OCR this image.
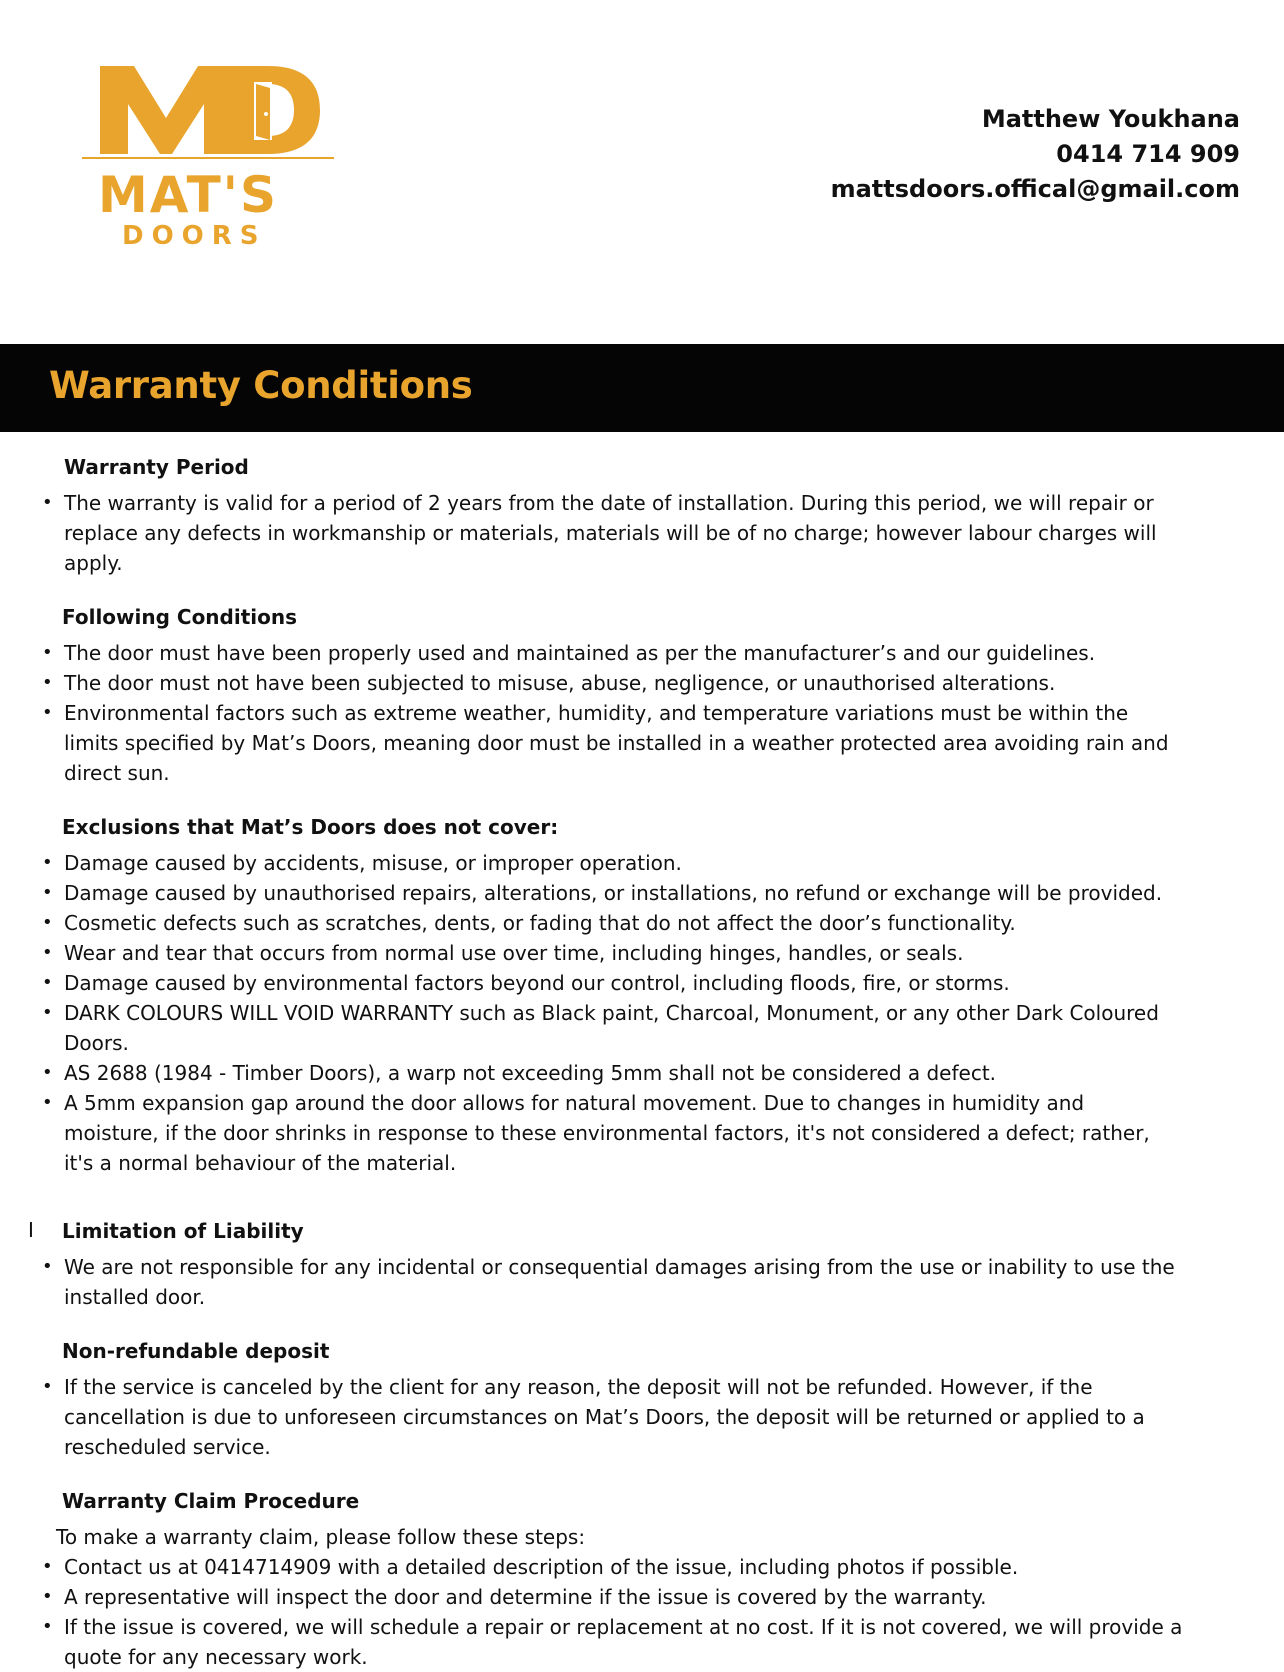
MAT'S
DOORS
Matthew Youkhana
0414 714 909
mattsdoors.offical@gmail.com
Warranty Conditions
Warranty Period
• The warranty is valid for a period of 2 years from the date of installation. During this period, we will repair or replace any defects in workmanship or materials, materials will be of no charge; however labour charges will apply.
Following Conditions
• The door must have been properly used and maintained as per the manufacturer’s and our guidelines.
• The door must not have been subjected to misuse, abuse, negligence, or unauthorised alterations.
• Environmental factors such as extreme weather, humidity, and temperature variations must be within the limits specified by Mat’s Doors, meaning door must be installed in a weather protected area avoiding rain and direct sun.
Exclusions that Mat’s Doors does not cover:
• Damage caused by accidents, misuse, or improper operation.
• Damage caused by unauthorised repairs, alterations, or installations, no refund or exchange will be provided.
• Cosmetic defects such as scratches, dents, or fading that do not affect the door’s functionality.
• Wear and tear that occurs from normal use over time, including hinges, handles, or seals.
• Damage caused by environmental factors beyond our control, including floods, fire, or storms.
• DARK COLOURS WILL VOID WARRANTY such as Black paint, Charcoal, Monument, or any other Dark Coloured Doors.
• AS 2688 (1984 - Timber Doors), a warp not exceeding 5mm shall not be considered a defect.
• A 5mm expansion gap around the door allows for natural movement. Due to changes in humidity and moisture, if the door shrinks in response to these environmental factors, it's not considered a defect; rather, it's a normal behaviour of the material.
I Limitation of Liability
• We are not responsible for any incidental or consequential damages arising from the use or inability to use the installed door.
Non-refundable deposit
• If the service is canceled by the client for any reason, the deposit will not be refunded. However, if the cancellation is due to unforeseen circumstances on Mat’s Doors, the deposit will be returned or applied to a rescheduled service.
Warranty Claim Procedure
To make a warranty claim, please follow these steps:
• Contact us at 0414714909 with a detailed description of the issue, including photos if possible.
• A representative will inspect the door and determine if the issue is covered by the warranty.
• If the issue is covered, we will schedule a repair or replacement at no cost. If it is not covered, we will provide a quote for any necessary work.
